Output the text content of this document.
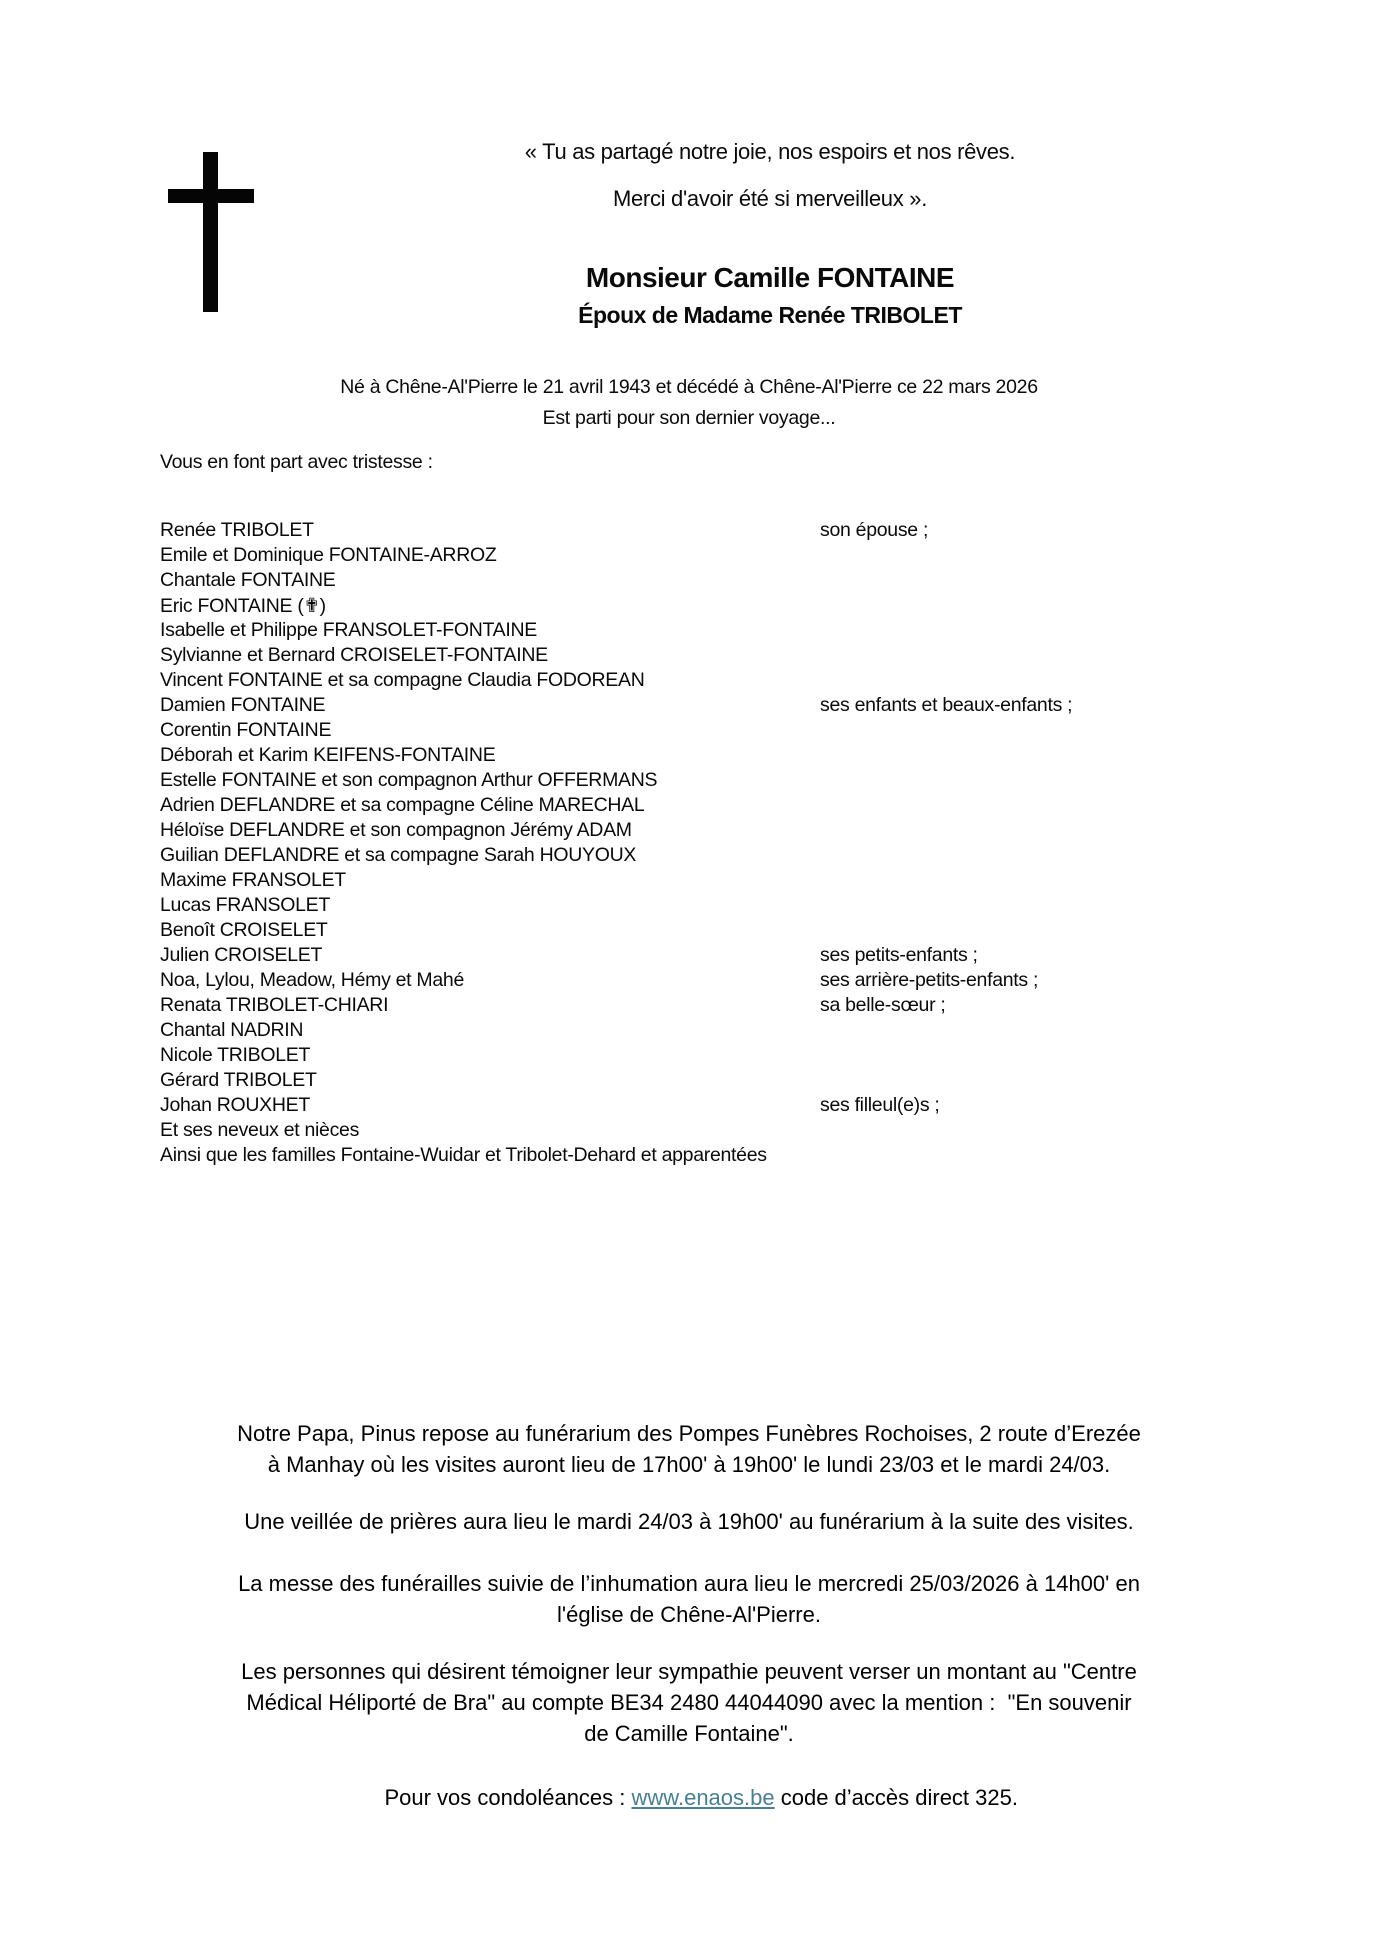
« Tu as partagé notre joie, nos espoirs et nos rêves.
Merci d'avoir été si merveilleux ».
Monsieur Camille FONTAINE
Époux de Madame Renée TRIBOLET
Né à Chêne-Al'Pierre le 21 avril 1943 et décédé à Chêne-Al'Pierre ce 22 mars 2026
Est parti pour son dernier voyage...
Vous en font part avec tristesse :
Renée TRIBOLET	son épouse ;
Emile et Dominique FONTAINE-ARROZ
Chantale FONTAINE
Eric FONTAINE (✟)
Isabelle et Philippe FRANSOLET-FONTAINE
Sylvianne et Bernard CROISELET-FONTAINE
Vincent FONTAINE et sa compagne Claudia FODOREAN
Damien FONTAINE	ses enfants et beaux-enfants ;
Corentin FONTAINE
Déborah et Karim KEIFENS-FONTAINE
Estelle FONTAINE et son compagnon Arthur OFFERMANS
Adrien DEFLANDRE et sa compagne Céline MARECHAL
Héloïse DEFLANDRE et son compagnon Jérémy ADAM
Guilian DEFLANDRE et sa compagne Sarah HOUYOUX
Maxime FRANSOLET
Lucas FRANSOLET
Benoît CROISELET
Julien CROISELET	ses petits-enfants ;
Noa, Lylou, Meadow, Hémy et Mahé	ses arrière-petits-enfants ;
Renata TRIBOLET-CHIARI	sa belle-sœur ;
Chantal NADRIN
Nicole TRIBOLET
Gérard TRIBOLET
Johan ROUXHET	ses filleul(e)s ;
Et ses neveux et nièces
Ainsi que les familles Fontaine-Wuidar et Tribolet-Dehard et apparentées
Notre Papa, Pinus repose au funérarium des Pompes Funèbres Rochoises, 2 route d’Erezée
à Manhay où les visites auront lieu de 17h00' à 19h00' le lundi 23/03 et le mardi 24/03.
Une veillée de prières aura lieu le mardi 24/03 à 19h00' au funérarium à la suite des visites.
La messe des funérailles suivie de l’inhumation aura lieu le mercredi 25/03/2026 à 14h00' en
l'église de Chêne-Al'Pierre.
Les personnes qui désirent témoigner leur sympathie peuvent verser un montant au "Centre
Médical Héliporté de Bra" au compte BE34 2480 44044090 avec la mention :  "En souvenir
de Camille Fontaine".

Pour vos condoléances : www.enaos.be code d’accès direct 325.
